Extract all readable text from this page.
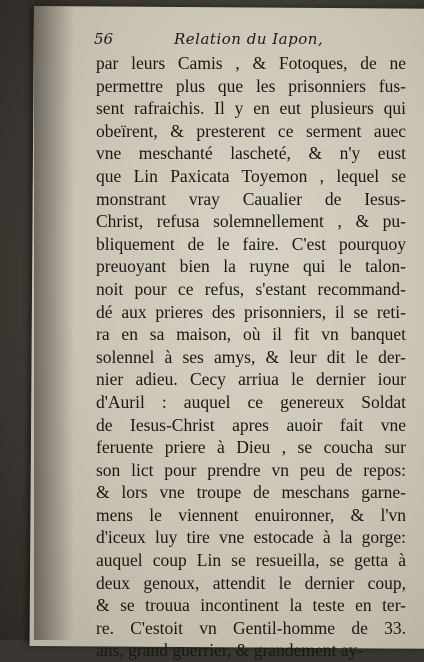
56	Relation du Iapon,
par leurs Camis , & Fotoques, de ne
permettre plus que les prisonniers fus-
sent rafraichis. Il y en eut plusieurs qui
obeïrent, & presterent ce serment auec
vne meschanté lascheté, & n'y eust
que Lin Paxicata Toyemon , lequel se
monstrant vray Caualier de Iesus-
Christ, refusa solemnellement , & pu-
bliquement de le faire. C'est pourquoy
preuoyant bien la ruyne qui le talon-
noit pour ce refus, s'estant recommand-
dé aux prieres des prisonniers, il se reti-
ra en sa maison, où il fit vn banquet
solennel à ses amys, & leur dit le der-
nier adieu. Cecy arriua le dernier iour
d'Auril : auquel ce genereux Soldat
de Iesus-Christ apres auoir fait vne
feruente priere à Dieu , se coucha sur
son lict pour prendre vn peu de repos:
& lors vne troupe de meschans garne-
mens le viennent enuironner, & l'vn
d'iceux luy tire vne estocade à la gorge:
auquel coup Lin se resueilla, se getta à
deux genoux, attendit le dernier coup,
& se trouua incontinent la teste en ter-
re. C'estoit vn Gentil-homme de 33.
ans, grand guerrier, & grandement ay-
